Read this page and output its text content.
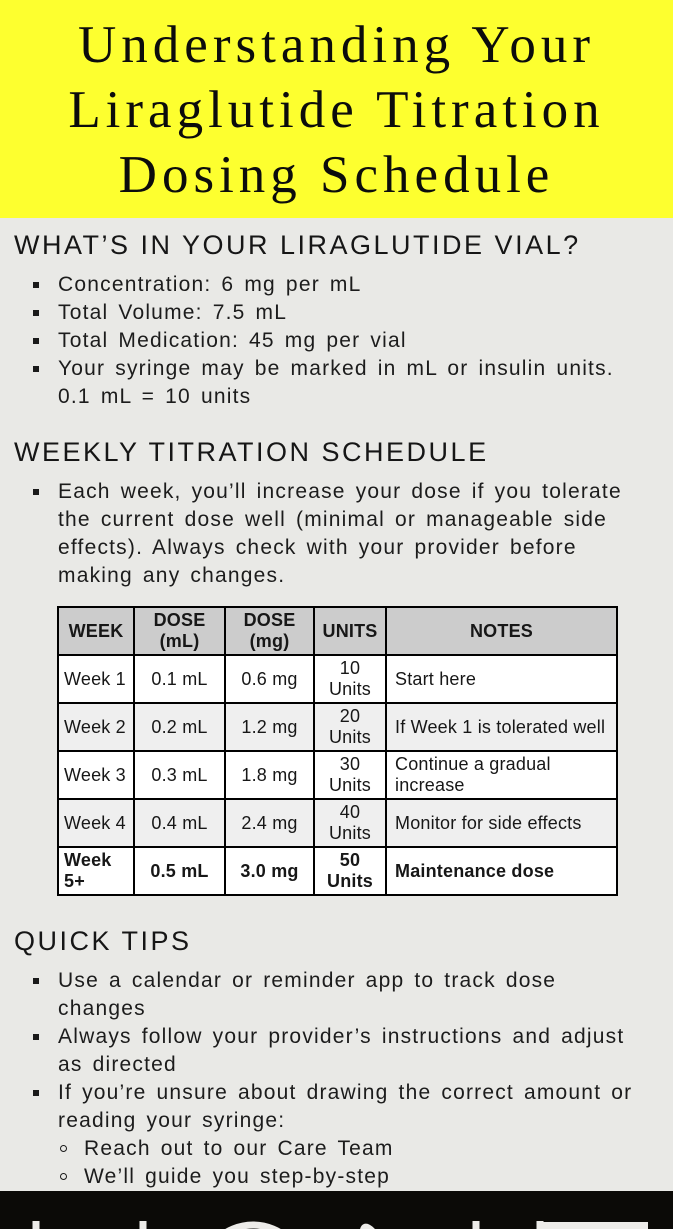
Understanding Your
Liraglutide Titration
Dosing Schedule
WHAT’S IN YOUR LIRAGLUTIDE VIAL?
Concentration: 6 mg per mL
Total Volume: 7.5 mL
Total Medication: 45 mg per vial
Your syringe may be marked in mL or insulin units.
0.1 mL = 10 units
WEEKLY TITRATION SCHEDULE
Each week, you’ll increase your dose if you tolerate
the current dose well (minimal or manageable side
effects). Always check with your provider before
making any changes.
WEEK	DOSE (mL)	DOSE (mg)	UNITS	NOTES
Week 1	0.1 mL	0.6 mg	10 Units	Start here
Week 2	0.2 mL	1.2 mg	20 Units	If Week 1 is tolerated well
Week 3	0.3 mL	1.8 mg	30 Units	Continue a gradual increase
Week 4	0.4 mL	2.4 mg	40 Units	Monitor for side effects
Week 5+	0.5 mL	3.0 mg	50 Units	Maintenance dose
QUICK TIPS
Use a calendar or reminder app to track dose
changes
Always follow your provider’s instructions and adjust
as directed
If you’re unsure about drawing the correct amount or
reading your syringe:
Reach out to our Care Team
We’ll guide you step-by-step
